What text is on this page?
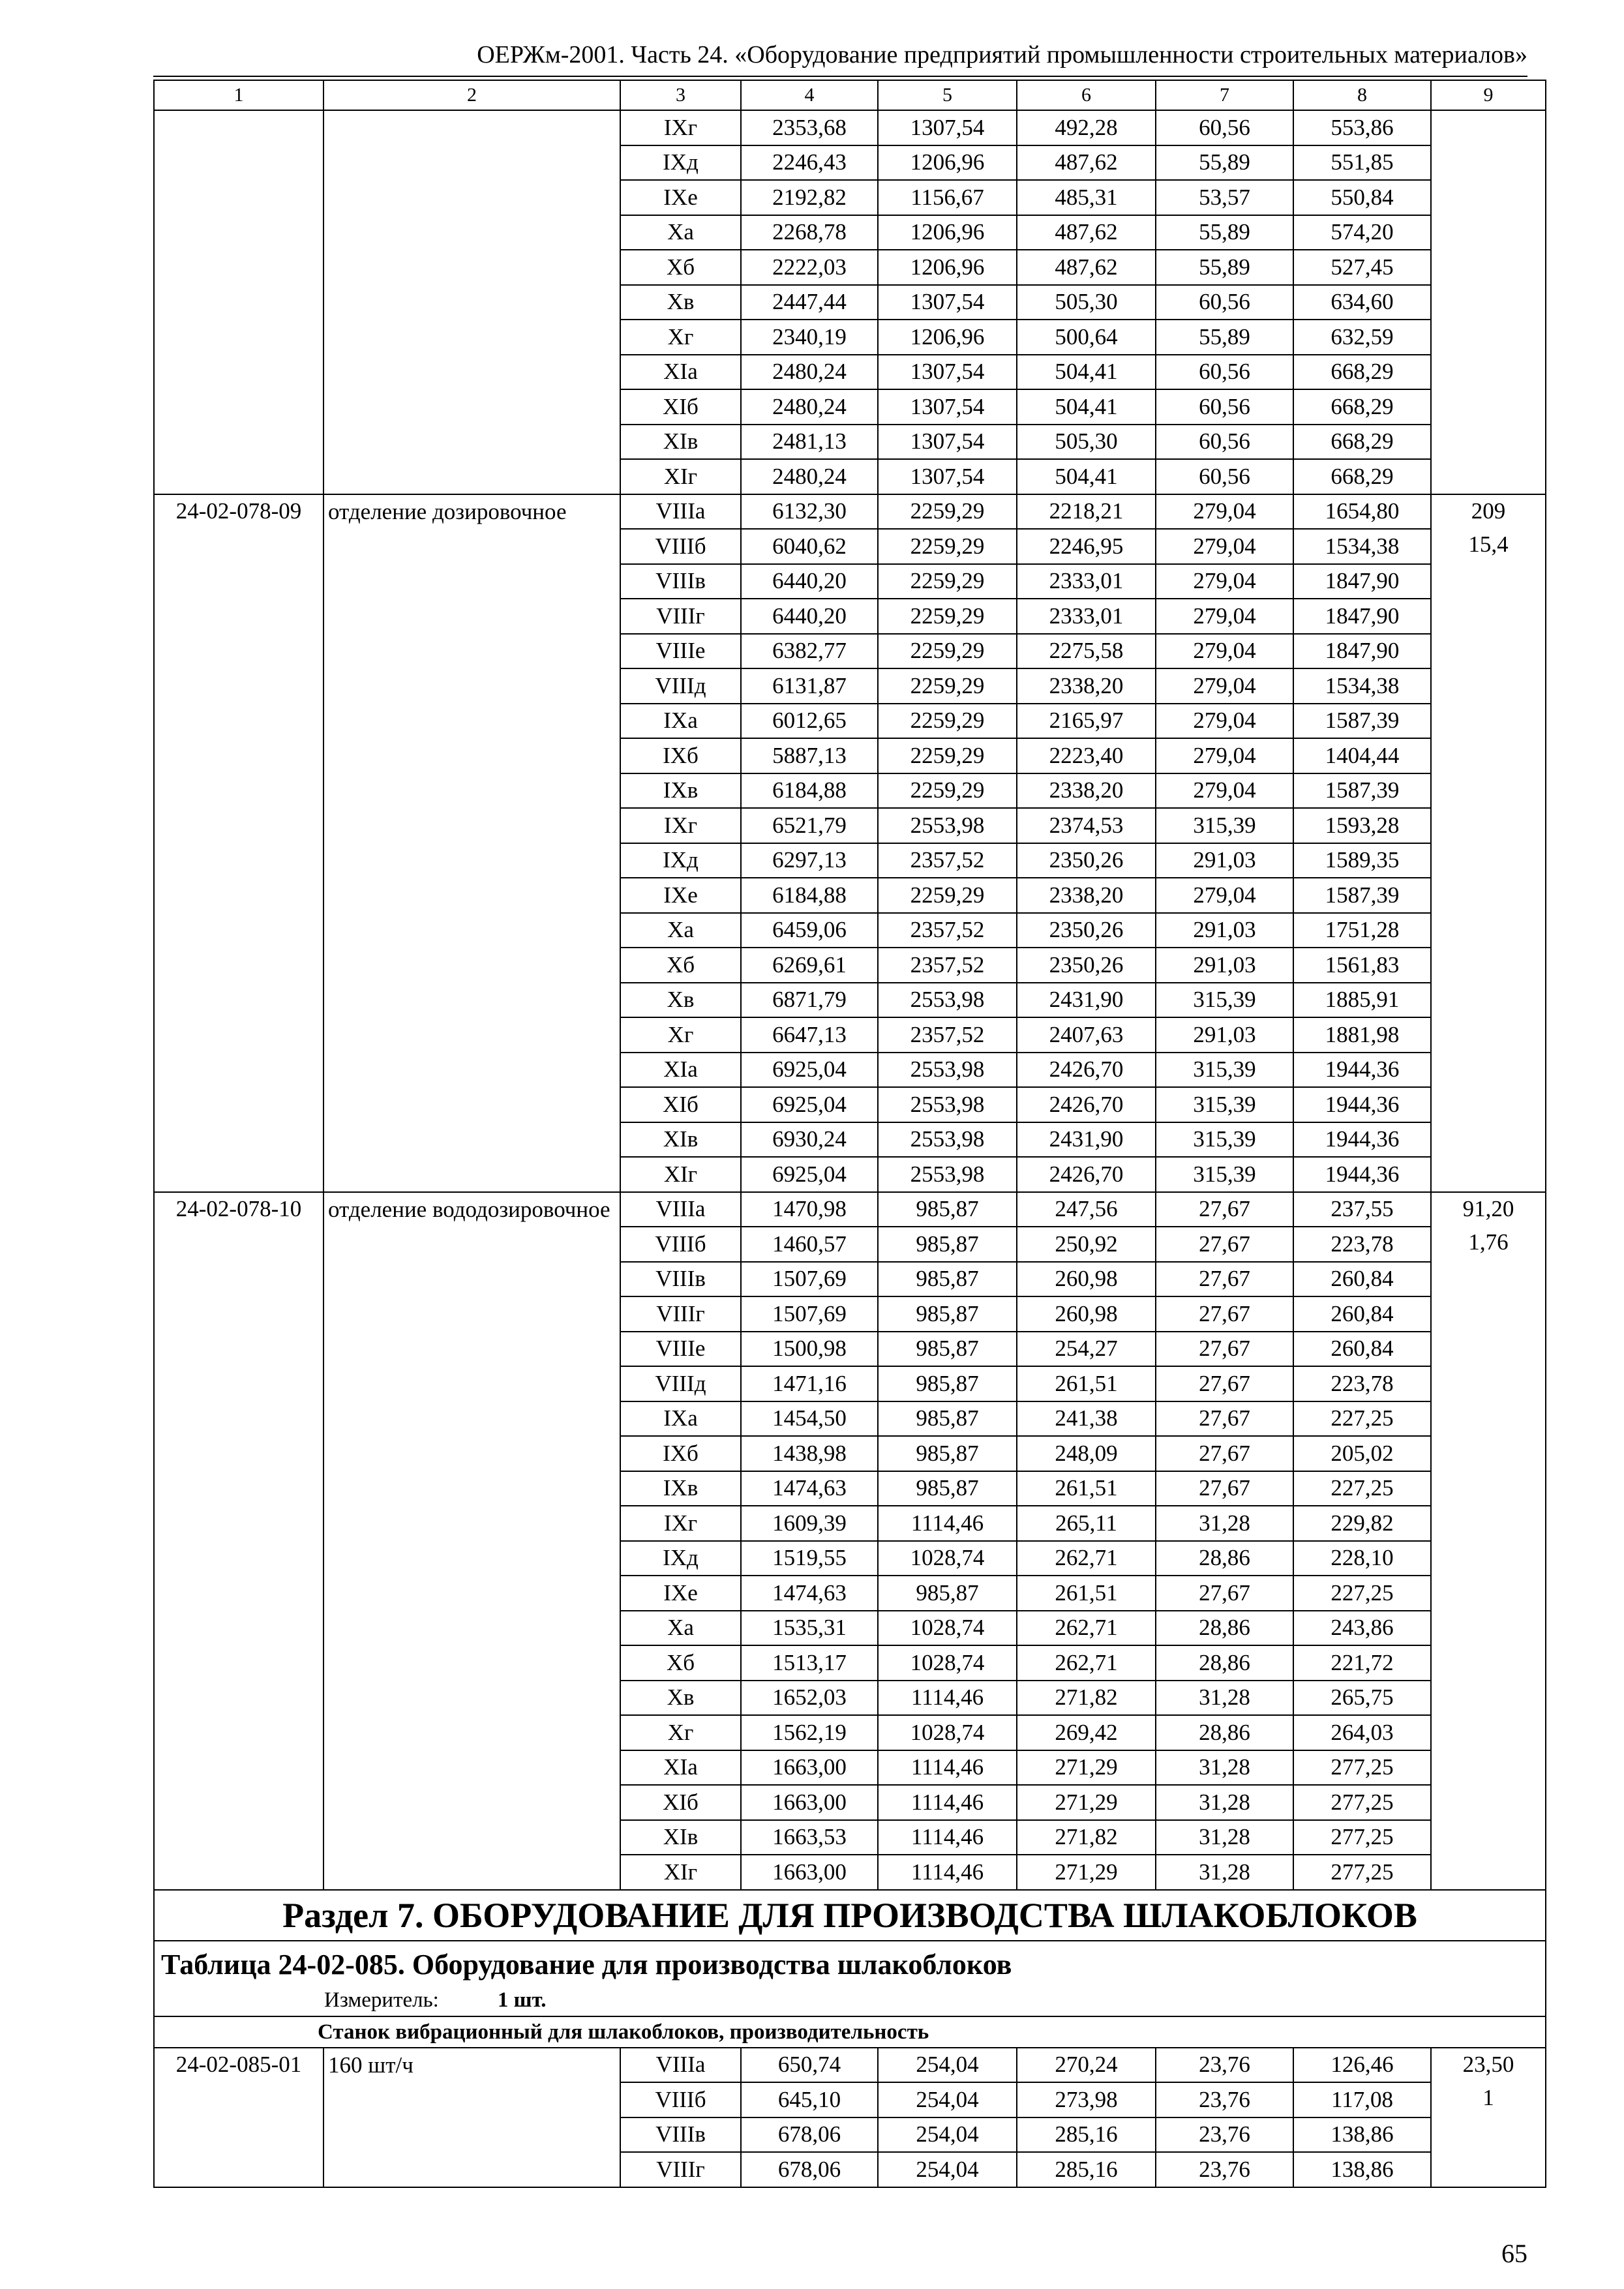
ОЕРЖм-2001. Часть 24. «Оборудование предприятий промышленности строительных материалов»
1	2	3	4	5	6	7	8	9
		IXг	2353,68	1307,54	492,28	60,56	553,86	
		IXд	2246,43	1206,96	487,62	55,89	551,85	
		IXе	2192,82	1156,67	485,31	53,57	550,84	
		Xа	2268,78	1206,96	487,62	55,89	574,20	
		Xб	2222,03	1206,96	487,62	55,89	527,45	
		Xв	2447,44	1307,54	505,30	60,56	634,60	
		Xг	2340,19	1206,96	500,64	55,89	632,59	
		XIа	2480,24	1307,54	504,41	60,56	668,29	
		XIб	2480,24	1307,54	504,41	60,56	668,29	
		XIв	2481,13	1307,54	505,30	60,56	668,29	
		XIг	2480,24	1307,54	504,41	60,56	668,29	
24-02-078-09	отделение дозировочное	VIIIа	6132,30	2259,29	2218,21	279,04	1654,80	209
15,4

		VIIIб	6040,62	2259,29	2246,95	279,04	1534,38	
		VIIIв	6440,20	2259,29	2333,01	279,04	1847,90	
		VIIIг	6440,20	2259,29	2333,01	279,04	1847,90	
		VIIIе	6382,77	2259,29	2275,58	279,04	1847,90	
		VIIIд	6131,87	2259,29	2338,20	279,04	1534,38	
		IXа	6012,65	2259,29	2165,97	279,04	1587,39	
		IXб	5887,13	2259,29	2223,40	279,04	1404,44	
		IXв	6184,88	2259,29	2338,20	279,04	1587,39	
		IXг	6521,79	2553,98	2374,53	315,39	1593,28	
		IXд	6297,13	2357,52	2350,26	291,03	1589,35	
		IXе	6184,88	2259,29	2338,20	279,04	1587,39	
		Xа	6459,06	2357,52	2350,26	291,03	1751,28	
		Xб	6269,61	2357,52	2350,26	291,03	1561,83	
		Xв	6871,79	2553,98	2431,90	315,39	1885,91	
		Xг	6647,13	2357,52	2407,63	291,03	1881,98	
		XIа	6925,04	2553,98	2426,70	315,39	1944,36	
		XIб	6925,04	2553,98	2426,70	315,39	1944,36	
		XIв	6930,24	2553,98	2431,90	315,39	1944,36	
		XIг	6925,04	2553,98	2426,70	315,39	1944,36	
24-02-078-10	отделение вододозировочное	VIIIа	1470,98	985,87	247,56	27,67	237,55	91,20
1,76

		VIIIб	1460,57	985,87	250,92	27,67	223,78	
		VIIIв	1507,69	985,87	260,98	27,67	260,84	
		VIIIг	1507,69	985,87	260,98	27,67	260,84	
		VIIIе	1500,98	985,87	254,27	27,67	260,84	
		VIIIд	1471,16	985,87	261,51	27,67	223,78	
		IXа	1454,50	985,87	241,38	27,67	227,25	
		IXб	1438,98	985,87	248,09	27,67	205,02	
		IXв	1474,63	985,87	261,51	27,67	227,25	
		IXг	1609,39	1114,46	265,11	31,28	229,82	
		IXд	1519,55	1028,74	262,71	28,86	228,10	
		IXе	1474,63	985,87	261,51	27,67	227,25	
		Xа	1535,31	1028,74	262,71	28,86	243,86	
		Xб	1513,17	1028,74	262,71	28,86	221,72	
		Xв	1652,03	1114,46	271,82	31,28	265,75	
		Xг	1562,19	1028,74	269,42	28,86	264,03	
		XIа	1663,00	1114,46	271,29	31,28	277,25	
		XIб	1663,00	1114,46	271,29	31,28	277,25	
		XIв	1663,53	1114,46	271,82	31,28	277,25	
		XIг	1663,00	1114,46	271,29	31,28	277,25	
Раздел 7. ОБОРУДОВАНИЕ ДЛЯ ПРОИЗВОДСТВА ШЛАКОБЛОКОВ								

Таблица 24-02-085. Оборудование для производства шлакоблоков
Измеритель: 1 шт.								

Станок вибрационный для шлакоблоков, производительность								
24-02-085-01	160 шт/ч	VIIIа	650,74	254,04	270,24	23,76	126,46	23,50
1

		VIIIб	645,10	254,04	273,98	23,76	117,08	
		VIIIв	678,06	254,04	285,16	23,76	138,86	
		VIIIг	678,06	254,04	285,16	23,76	138,86	
65
